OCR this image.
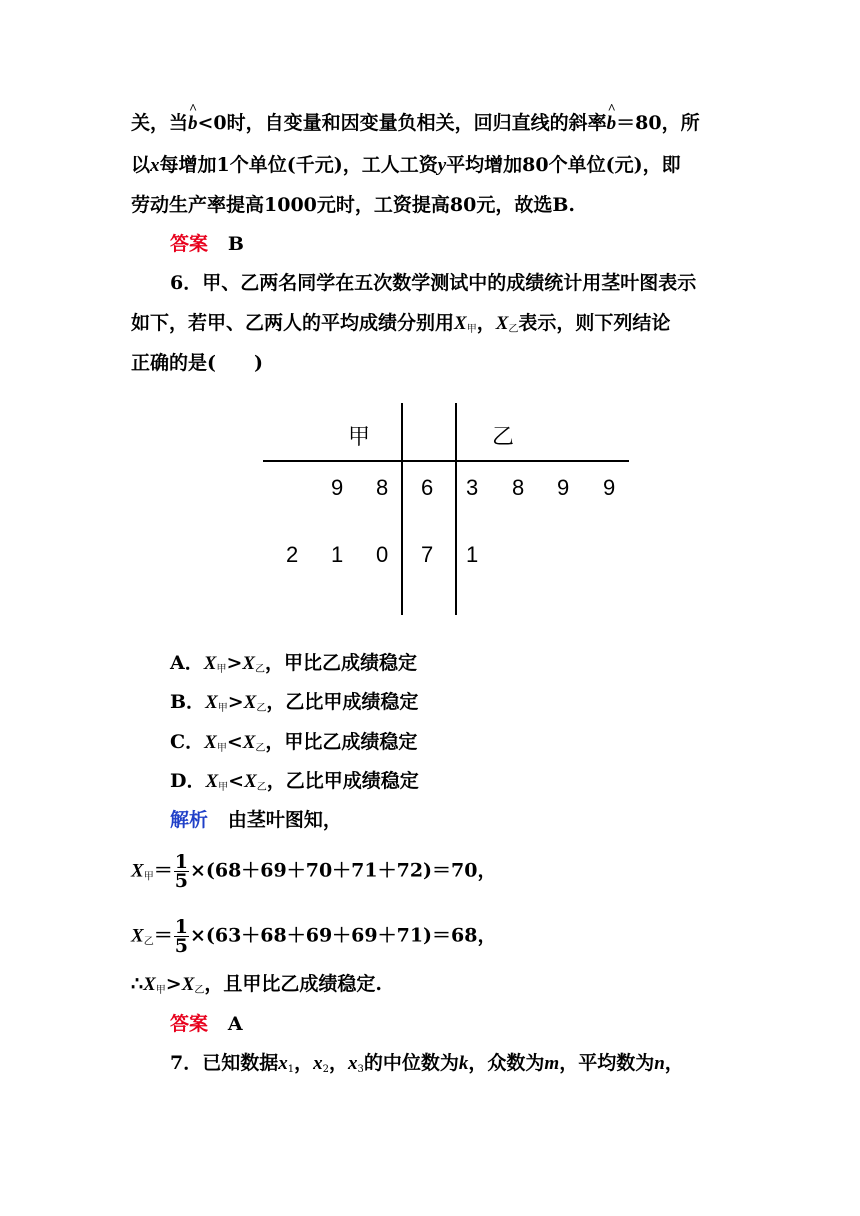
关，当^ b<0时，自变量和因变量负相关，回归直线的斜率^ b＝80，所
以x每增加1个单位(千元)，工人工资y平均增加80个单位(元)，即
劳动生产率提高1000元时，工资提高80元，故选B.
答案 B
6．甲、乙两名同学在五次数学测试中的成绩统计用茎叶图表示
如下，若甲、乙两人的平均成绩分别用$X_甲$，$X_乙$表示，则下列结论
正确的是(　　)
甲	乙
9 8 6 3 8 9 9
2 1 0 7 1
A．$X_甲>X_乙$，甲比乙成绩稳定
B．$X_甲>X_乙$，乙比甲成绩稳定
C．$X_甲<X_乙$，甲比乙成绩稳定
D．$X_甲<X_乙$，乙比甲成绩稳定
解析 由茎叶图知，
$X_甲= \frac{1}{5} \times(68+69+70+71+72)=70$，
$X_乙= \frac{1}{5} \times(63+68+69+69+71)=68$，
$\therefore X_甲>X_乙$，且甲比乙成绩稳定.
答案 A
7．已知数据$x_1$，$x_2$，$x_3$的中位数为k，众数为m，平均数为n，
